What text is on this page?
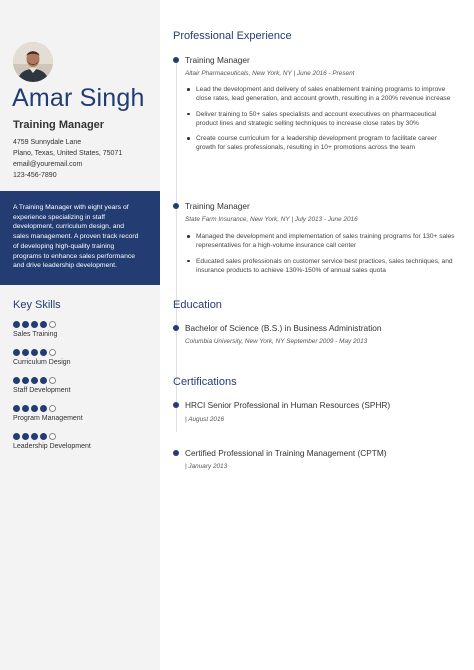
Amar Singh
Training Manager
4759 Sunnydale Lane
Plano, Texas, United States, 75071
email@youremail.com
123-456-7890
A Training Manager with eight years of
experience specializing in staff
development, curriculum design, and
sales management. A proven track record
of developing high-quality training
programs to enhance sales performance
and drive leadership development.
Key Skills
Sales Training
Curriculum Design
Staff Development
Program Management
Leadership Development
Professional Experience
Training Manager
Altair Pharmaceuticals, New York, NY | June 2016 - Present
Lead the development and delivery of sales enablement training programs to improve close rates, lead generation, and account growth, resulting in a 200% revenue increase
Deliver training to 50+ sales specialists and account executives on pharmaceutical product lines and strategic selling techniques to increase close rates by 30%
Create course curriculum for a leadership development program to facilitate career growth for sales professionals, resulting in 10+ promotions across the team
Training Manager
State Farm Insurance, New York, NY | July 2013 - June 2016
Managed the development and implementation of sales training programs for 130+ sales representatives for a high-volume insurance call center
Educated sales professionals on customer service best practices, sales techniques, and insurance products to achieve 130%-150% of annual sales quota
Education
Bachelor of Science (B.S.) in Business Administration
Columbia University, New York, NY September 2009 - May 2013
Certifications
HRCI Senior Professional in Human Resources (SPHR)
| August 2016
Certified Professional in Training Management (CPTM)
| January 2013
